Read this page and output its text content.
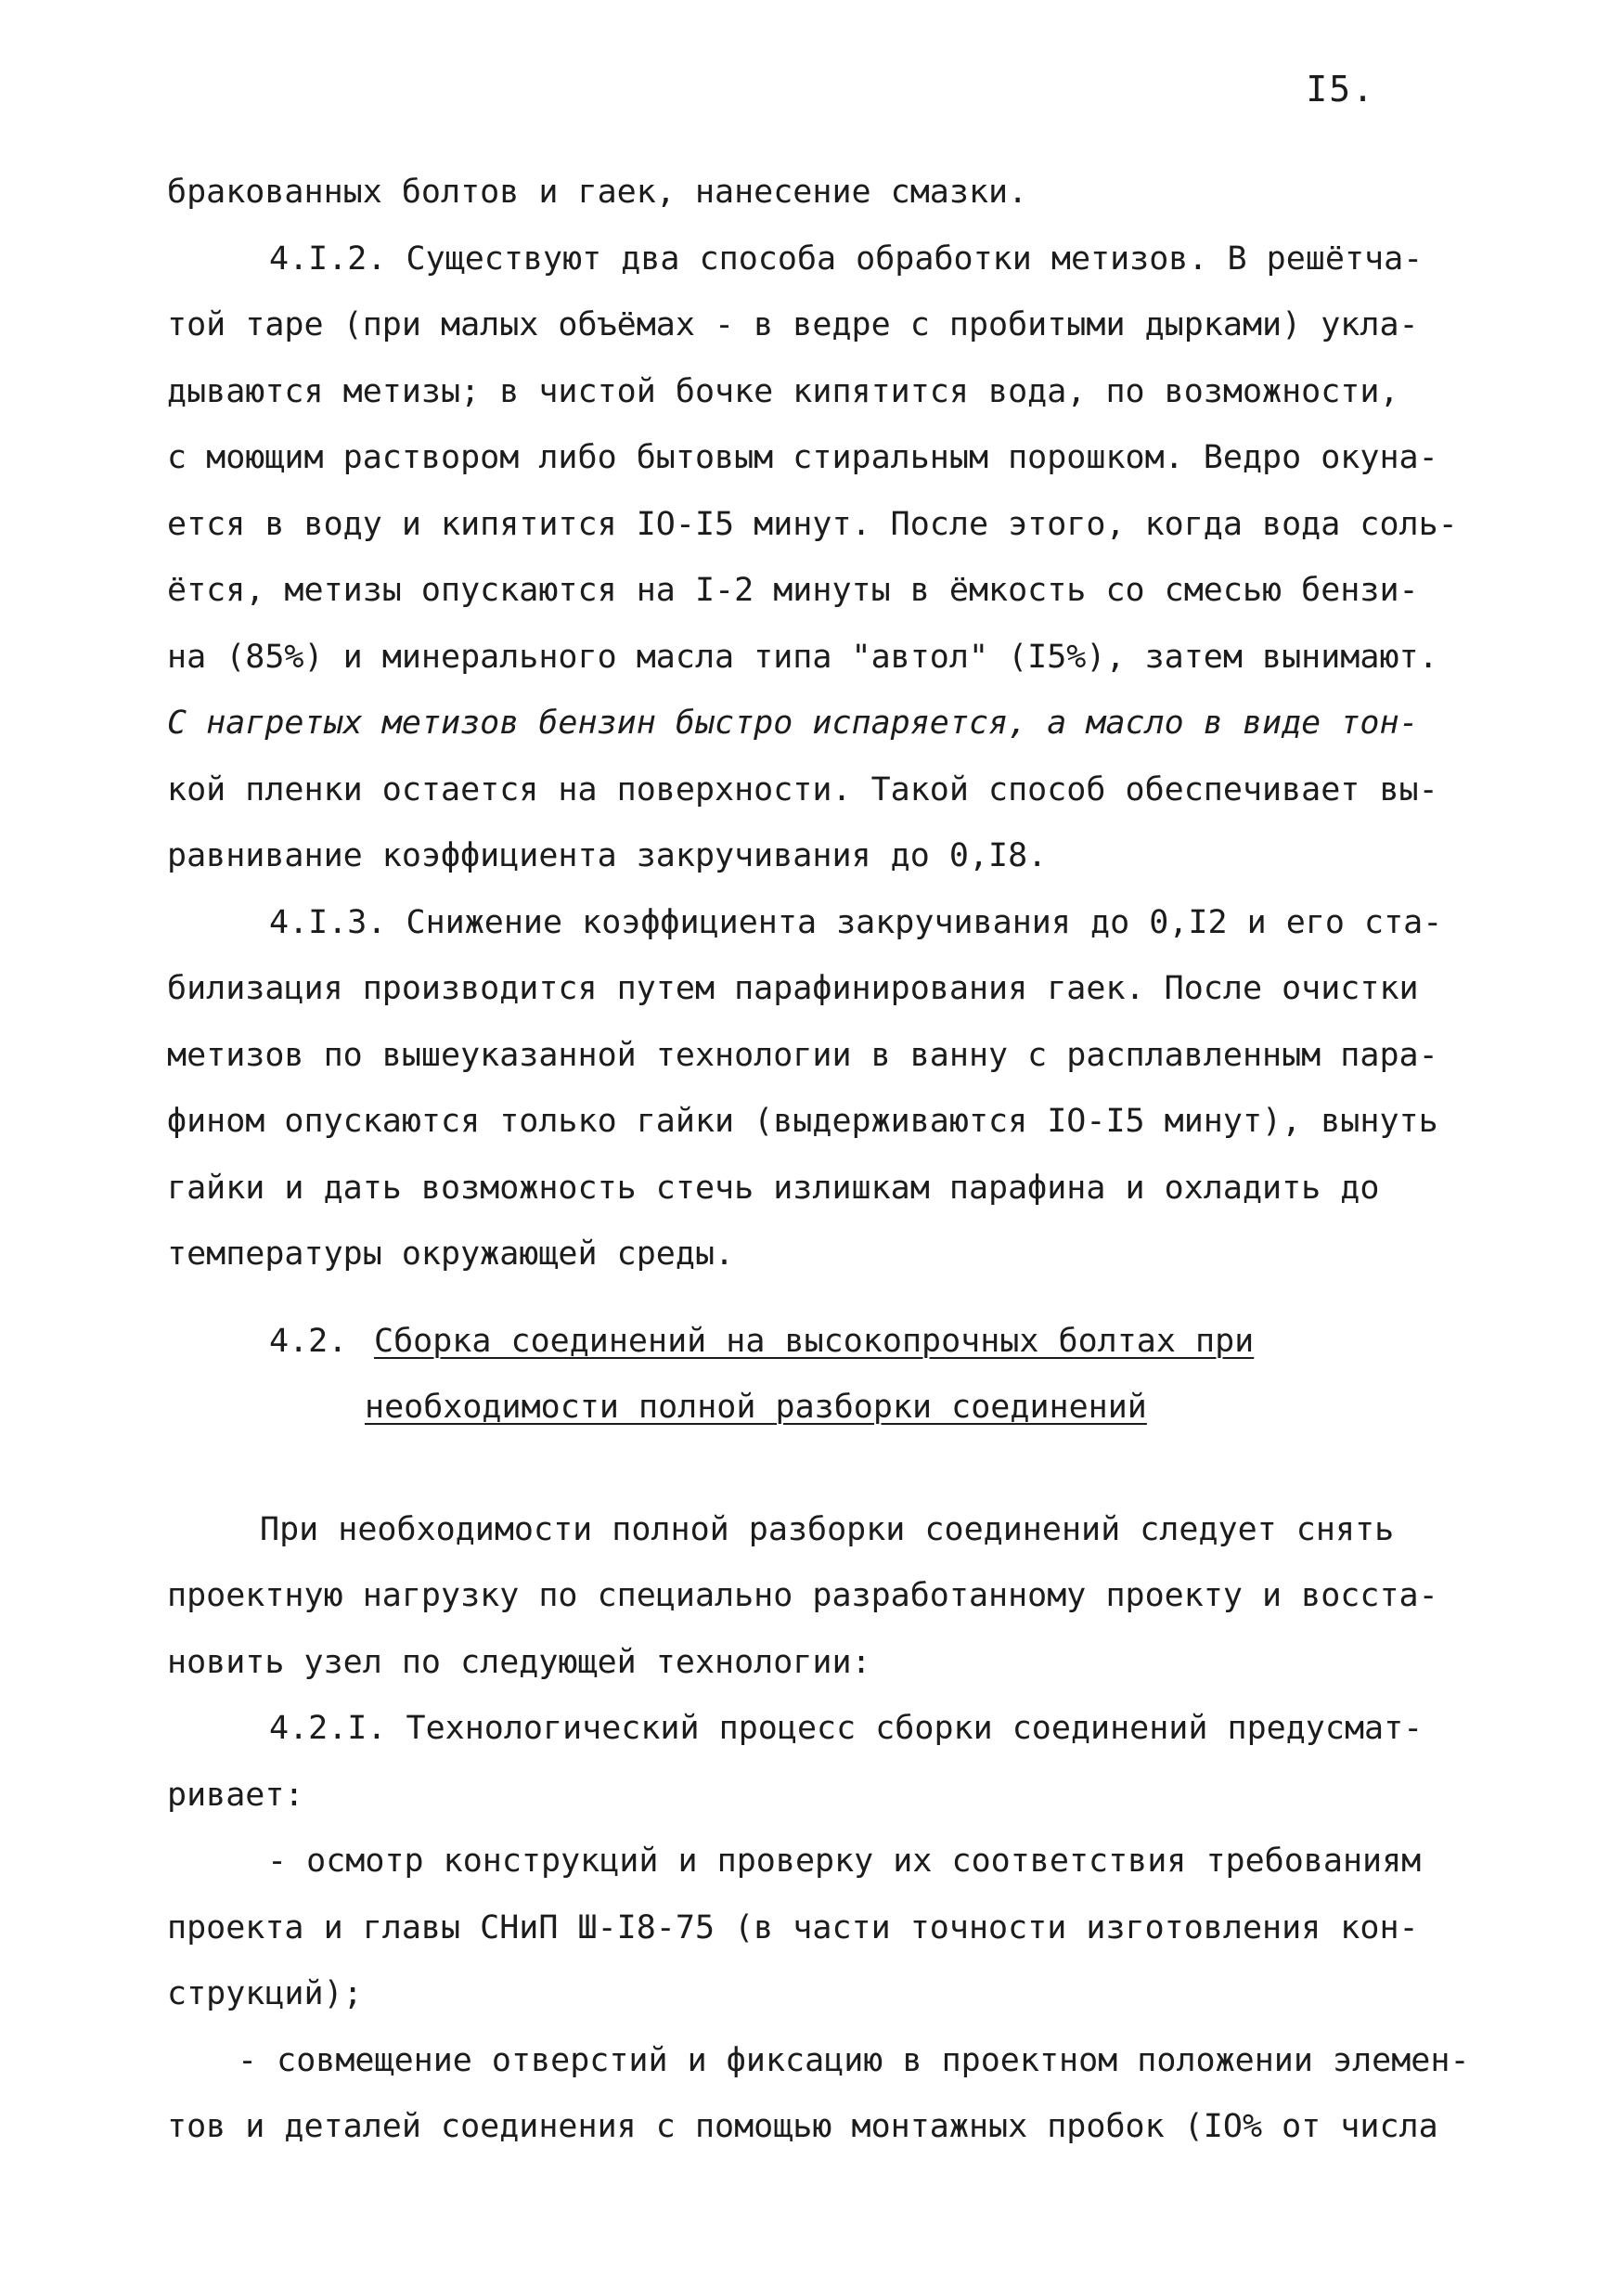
I5.
бракованных болтов и гаек, нанесение смазки.
4.I.2. Существуют два способа обработки метизов. В решётча-
той таре (при малых объёмах - в ведре с пробитыми дырками) укла-
дываются метизы; в чистой бочке кипятится вода, по возможности,
с моющим раствором либо бытовым стиральным порошком. Ведро окуна-
ется в воду и кипятится IO-I5 минут. После этого, когда вода соль-
ётся, метизы опускаются на I-2 минуты в ёмкость со смесью бензи-
на (85%) и минерального масла типа "автол" (I5%), затем вынимают.
С нагретых метизов бензин быстро испаряется, а масло в виде тон-
кой пленки остается на поверхности. Такой способ обеспечивает вы-
равнивание коэффициента закручивания до 0,I8.
4.I.3. Снижение коэффициента закручивания до 0,I2 и его ста-
билизация производится путем парафинирования гаек. После очистки
метизов по вышеуказанной технологии в ванну с расплавленным пара-
фином опускаются только гайки (выдерживаются IO-I5 минут), вынуть
гайки и дать возможность стечь излишкам парафина и охладить до
температуры окружающей среды.
4.2. Сборка соединений на высокопрочных болтах при
необходимости полной разборки соединений
При необходимости полной разборки соединений следует снять
проектную нагрузку по специально разработанному проекту и восста-
новить узел по следующей технологии:
4.2.I. Технологический процесс сборки соединений предусмат-
ривает:
- осмотр конструкций и проверку их соответствия требованиям
проекта и главы СНиП Ш-I8-75 (в части точности изготовления кон-
струкций);
- совмещение отверстий и фиксацию в проектном положении элемен-
тов и деталей соединения с помощью монтажных пробок (IO% от числа
